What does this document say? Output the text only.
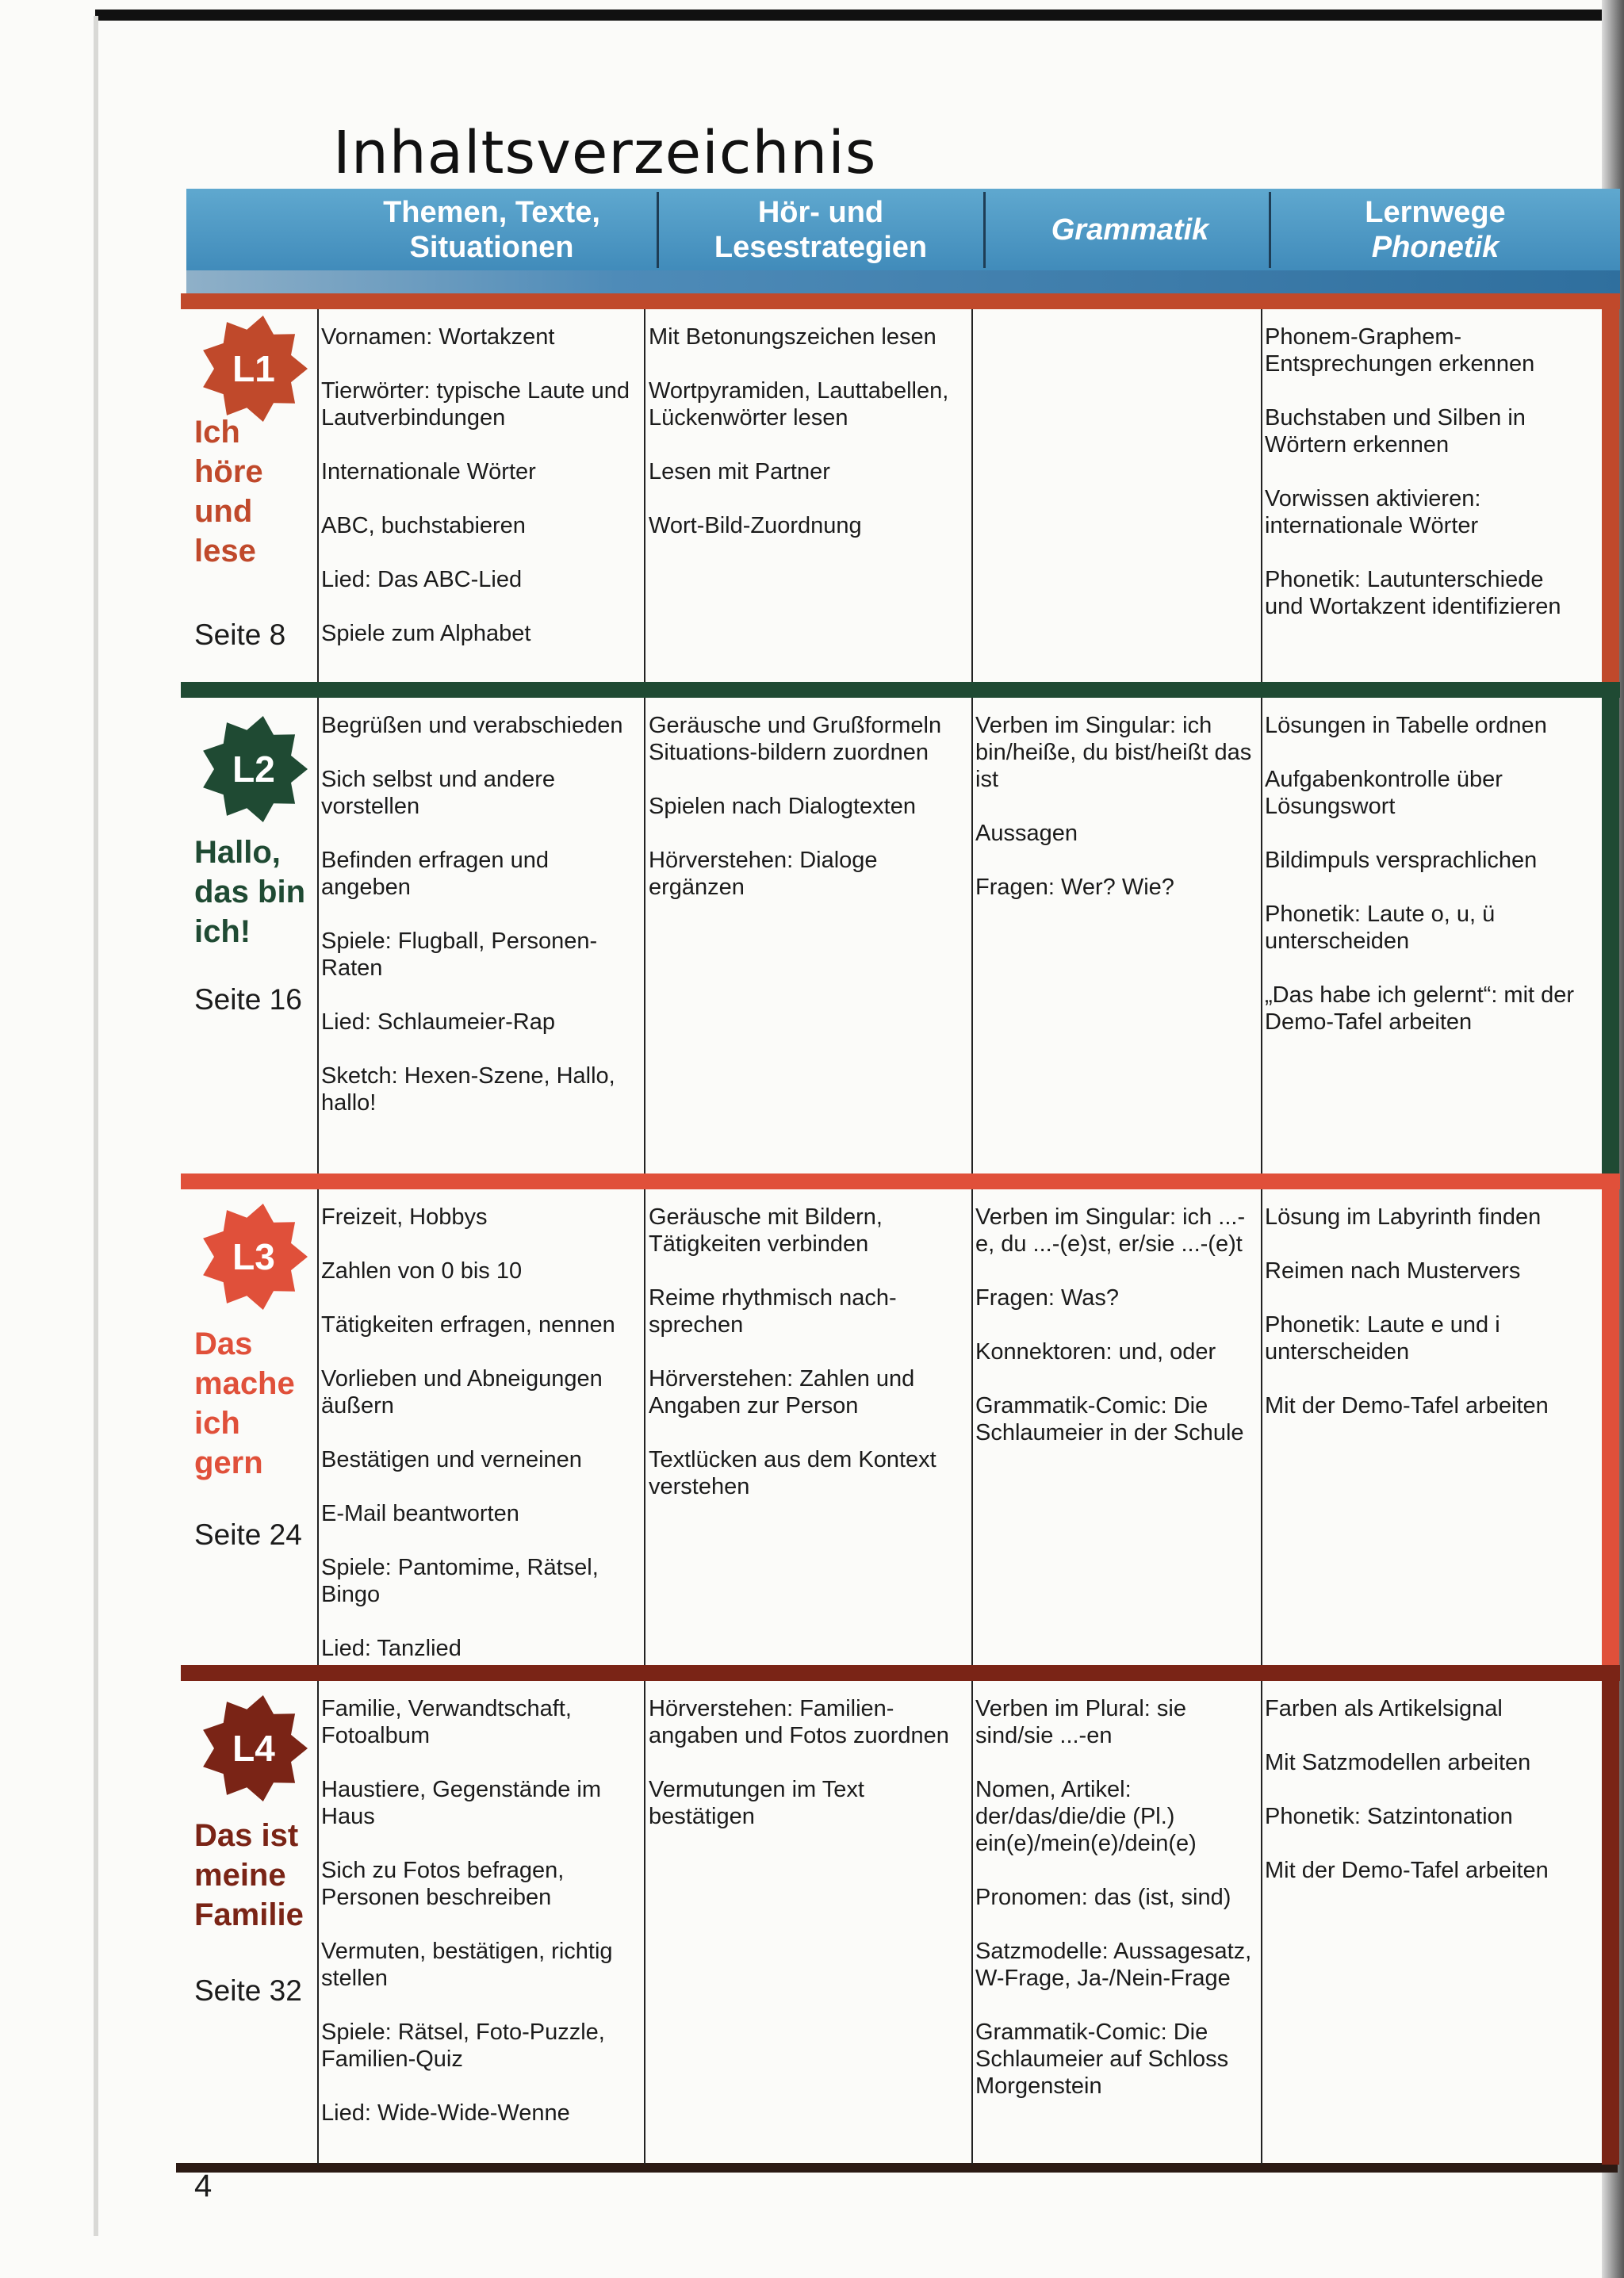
Inhaltsverzeichnis
Themen, Texte,
Situationen
Hör- und
Lesestrategien
Grammatik
Lernwege
Phonetik
4
L1
Ich
höre
und
lese
Seite 8

Vornamen: Wortakzent

Tierwörter: typische Laute und Lautverbindungen

Internationale Wörter

ABC, buchstabieren

Lied: Das ABC-Lied

Spiele zum Alphabet

Mit Betonungszeichen lesen

Wortpyramiden, Lauttabellen, Lückenwörter lesen

Lesen mit Partner

Wort-Bild-Zuordnung

Phonem-Graphem-Entsprechungen erkennen

Buchstaben und Silben in Wörtern erkennen

Vorwissen aktivieren: internationale Wörter

Phonetik: Lautunterschiede und Wortakzent identifizieren

L2
Hallo,
das bin
ich!
Seite 16

Begrüßen und verabschieden

Sich selbst und andere vorstellen

Befinden erfragen und angeben

Spiele: Flugball, Personen-Raten

Lied: Schlaumeier-Rap

Sketch: Hexen-Szene, Hallo, hallo!

Geräusche und Grußformeln Situations-bildern zuordnen

Spielen nach Dialogtexten

Hörverstehen: Dialoge ergänzen

Verben im Singular: ich bin/heiße, du bist/heißt das ist

Aussagen

Fragen: Wer? Wie?

Lösungen in Tabelle ordnen

Aufgabenkontrolle über Lösungswort

Bildimpuls versprachlichen

Phonetik: Laute o, u, ü unterscheiden

„Das habe ich gelernt“: mit der Demo-Tafel arbeiten

L3
Das
mache
ich
gern
Seite 24

Freizeit, Hobbys

Zahlen von 0 bis 10

Tätigkeiten erfragen, nennen

Vorlieben und Abneigungen äußern

Bestätigen und verneinen

E-Mail beantworten

Spiele: Pantomime, Rätsel, Bingo

Lied: Tanzlied

Geräusche mit Bildern, Tätigkeiten verbinden

Reime rhythmisch nach-sprechen

Hörverstehen: Zahlen und Angaben zur Person

Textlücken aus dem Kontext verstehen

Verben im Singular: ich ...-e, du ...-(e)st, er/sie ...-(e)t

Fragen: Was?

Konnektoren: und, oder

Grammatik-Comic: Die Schlaumeier in der Schule

Lösung im Labyrinth finden

Reimen nach Mustervers

Phonetik: Laute e und i unterscheiden

Mit der Demo-Tafel arbeiten

L4
Das ist
meine
Familie
Seite 32

Familie, Verwandtschaft, Fotoalbum

Haustiere, Gegenstände im Haus

Sich zu Fotos befragen, Personen beschreiben

Vermuten, bestätigen, richtig stellen

Spiele: Rätsel, Foto-Puzzle, Familien-Quiz

Lied: Wide-Wide-Wenne

Hörverstehen: Familien-angaben und Fotos zuordnen

Vermutungen im Text bestätigen

Verben im Plural: sie sind/sie ...-en

Nomen, Artikel: der/das/die/die (Pl.) ein(e)/mein(e)/dein(e)

Pronomen: das (ist, sind)

Satzmodelle: Aussagesatz, W-Frage, Ja-/Nein-Frage

Grammatik-Comic: Die Schlaumeier auf Schloss Morgenstein

Farben als Artikelsignal

Mit Satzmodellen arbeiten

Phonetik: Satzintonation

Mit der Demo-Tafel arbeiten
